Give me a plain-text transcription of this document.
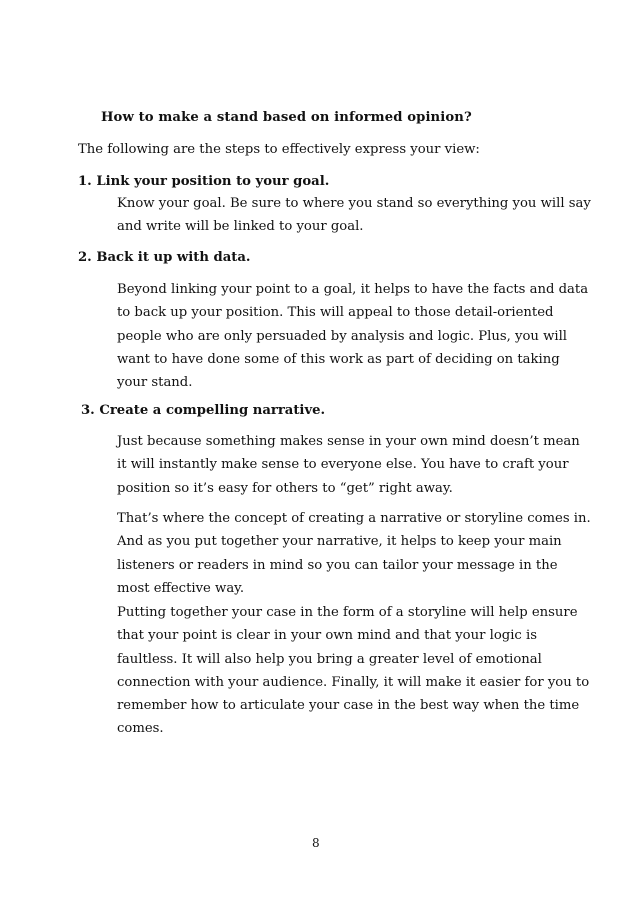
How to make a stand based on informed opinion?
The following are the steps to effectively express your view:
1. Link your position to your goal.
Know your goal. Be sure to where you stand so everything you will say
and write will be linked to your goal.
2. Back it up with data.
Beyond linking your point to a goal, it helps to have the facts and data
to back up your position. This will appeal to those detail-oriented
people who are only persuaded by analysis and logic. Plus, you will
want to have done some of this work as part of deciding on taking
your stand.
3. Create a compelling narrative.
Just because something makes sense in your own mind doesn’t mean
it will instantly make sense to everyone else. You have to craft your
position so it’s easy for others to “get” right away.
That’s where the concept of creating a narrative or storyline comes in.
And as you put together your narrative, it helps to keep your main
listeners or readers in mind so you can tailor your message in the
most effective way.
Putting together your case in the form of a storyline will help ensure
that your point is clear in your own mind and that your logic is
faultless. It will also help you bring a greater level of emotional
connection with your audience. Finally, it will make it easier for you to
remember how to articulate your case in the best way when the time
comes.
8
